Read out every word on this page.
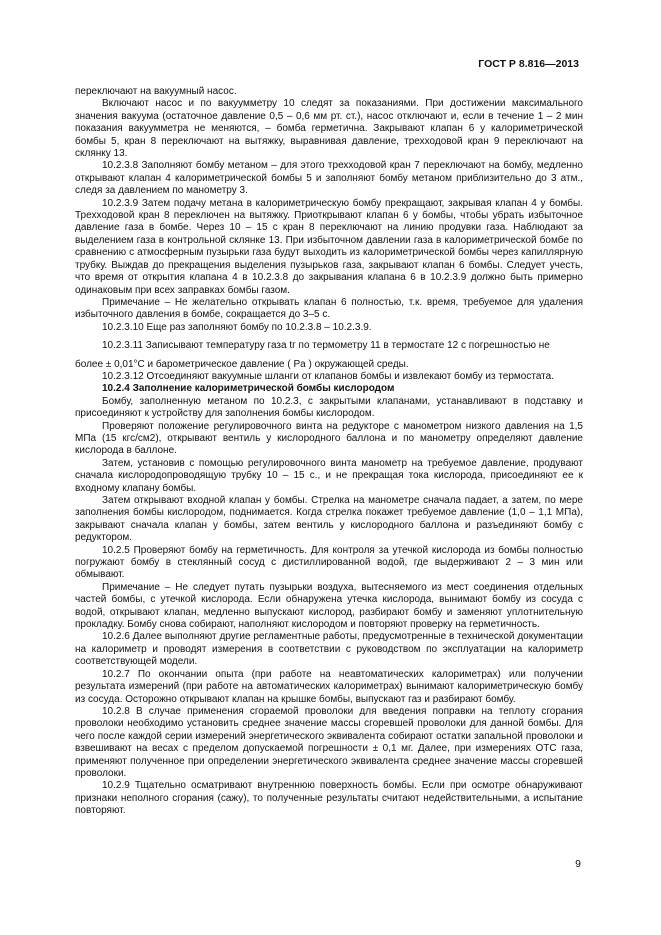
ГОСТ Р 8.816—2013

переключают на вакуумный насос.

Включают насос и по вакуумметру 10 следят за показаниями. При достижении максимального значения вакуума (остаточное давление 0,5 – 0,6 мм рт. ст.), насос отключают и, если в течение 1 – 2 мин показания вакуумметра не меняются, – бомба герметична. Закрывают клапан 6 у калориметрической бомбы 5, кран 8 переключают на вытяжку, выравнивая давление, трехходовой кран 9 переключают на склянку 13.

10.2.3.8 Заполняют бомбу метаном – для этого трехходовой кран 7 переключают на бомбу, медленно открывают клапан 4 калориметрической бомбы 5 и заполняют бомбу метаном приблизительно до 3 атм., следя за давлением по манометру 3.

10.2.3.9 Затем подачу метана в калориметрическую бомбу прекращают, закрывая клапан 4 у бомбы. Трехходовой кран 8 переключен на вытяжку. Приоткрывают клапан 6 у бомбы, чтобы убрать избыточное давление газа в бомбе. Через 10 – 15 с кран 8 переключают на линию продувки газа. Наблюдают за выделением газа в контрольной склянке 13. При избыточном давлении газа в калориметрической бомбе по сравнению с атмосферным пузырьки газа будут выходить из калориметрической бомбы через капиллярную трубку. Выждав до прекращения выделения пузырьков газа, закрывают клапан 6 бомбы. Следует учесть, что время от открытия клапана 4 в 10.2.3.8 до закрывания клапана 6 в 10.2.3.9 должно быть примерно одинаковым при всех заправках бомбы газом.

Примечание – Не желательно открывать клапан 6 полностью, т.к. время, требуемое для удаления избыточного давления в бомбе, сокращается до 3–5 с.

10.2.3.10 Еще раз заполняют бомбу по 10.2.3.8 – 10.2.3.9.

10.2.3.11 Записывают температуру газа tг по термометру 11 в термостате 12 с погрешностью не

более ± 0,01°С и барометрическое давление ( Pа ) окружающей среды.

10.2.3.12 Отсоединяют вакуумные шланги от клапанов бомбы и извлекают бомбу из термостата.

10.2.4 Заполнение калориметрической бомбы кислородом

Бомбу, заполненную метаном по 10.2.3, с закрытыми клапанами, устанавливают в подставку и присоединяют к устройству для заполнения бомбы кислородом.

Проверяют положение регулировочного винта на редукторе с манометром низкого давления на 1,5 МПа (15 кгс/см2), открывают вентиль у кислородного баллона и по манометру определяют давление кислорода в баллоне.

Затем, установив с помощью регулировочного винта манометр на требуемое давление, продувают сначала кислородопроводящую трубку 10 – 15 с., и не прекращая тока кислорода, присоединяют ее к входному клапану бомбы.

Затем открывают входной клапан у бомбы. Стрелка на манометре сначала падает, а затем, по мере заполнения бомбы кислородом, поднимается. Когда стрелка покажет требуемое давление (1,0 – 1,1 МПа), закрывают сначала клапан у бомбы, затем вентиль у кислородного баллона и разъединяют бомбу с редуктором.

10.2.5 Проверяют бомбу на герметичность. Для контроля за утечкой кислорода из бомбы полностью погружают бомбу в стеклянный сосуд с дистиллированной водой, где выдерживают 2 – 3 мин или обмывают.

Примечание – Не следует путать пузырьки воздуха, вытесняемого из мест соединения отдельных частей бомбы, с утечкой кислорода. Если обнаружена утечка кислорода, вынимают бомбу из сосуда с водой, открывают клапан, медленно выпускают кислород, разбирают бомбу и заменяют уплотнительную прокладку. Бомбу снова собирают, наполняют кислородом и повторяют проверку на герметичность.

10.2.6 Далее выполняют другие регламентные работы, предусмотренные в технической документации на калориметр и проводят измерения в соответствии с руководством по эксплуатации на калориметр соответствующей модели.

10.2.7 По окончании опыта (при работе на неавтоматических калориметрах) или получении результата измерений (при работе на автоматических калориметрах) вынимают калориметрическую бомбу из сосуда. Осторожно открывают клапан на крышке бомбы, выпускают газ и разбирают бомбу.

10.2.8 В случае применения сгораемой проволоки для введения поправки на теплоту сгорания проволоки необходимо установить среднее значение массы сгоревшей проволоки для данной бомбы. Для чего после каждой серии измерений энергетического эквивалента собирают остатки запальной проволоки и взвешивают на весах с пределом допускаемой погрешности ± 0,1 мг. Далее, при измерениях ОТС газа, применяют полученное при определении энергетического эквивалента среднее значение массы сгоревшей проволоки.

10.2.9 Тщательно осматривают внутреннюю поверхность бомбы. Если при осмотре обнаруживают признаки неполного сгорания (сажу), то полученные результаты считают недействительными, а испытание повторяют.

9
